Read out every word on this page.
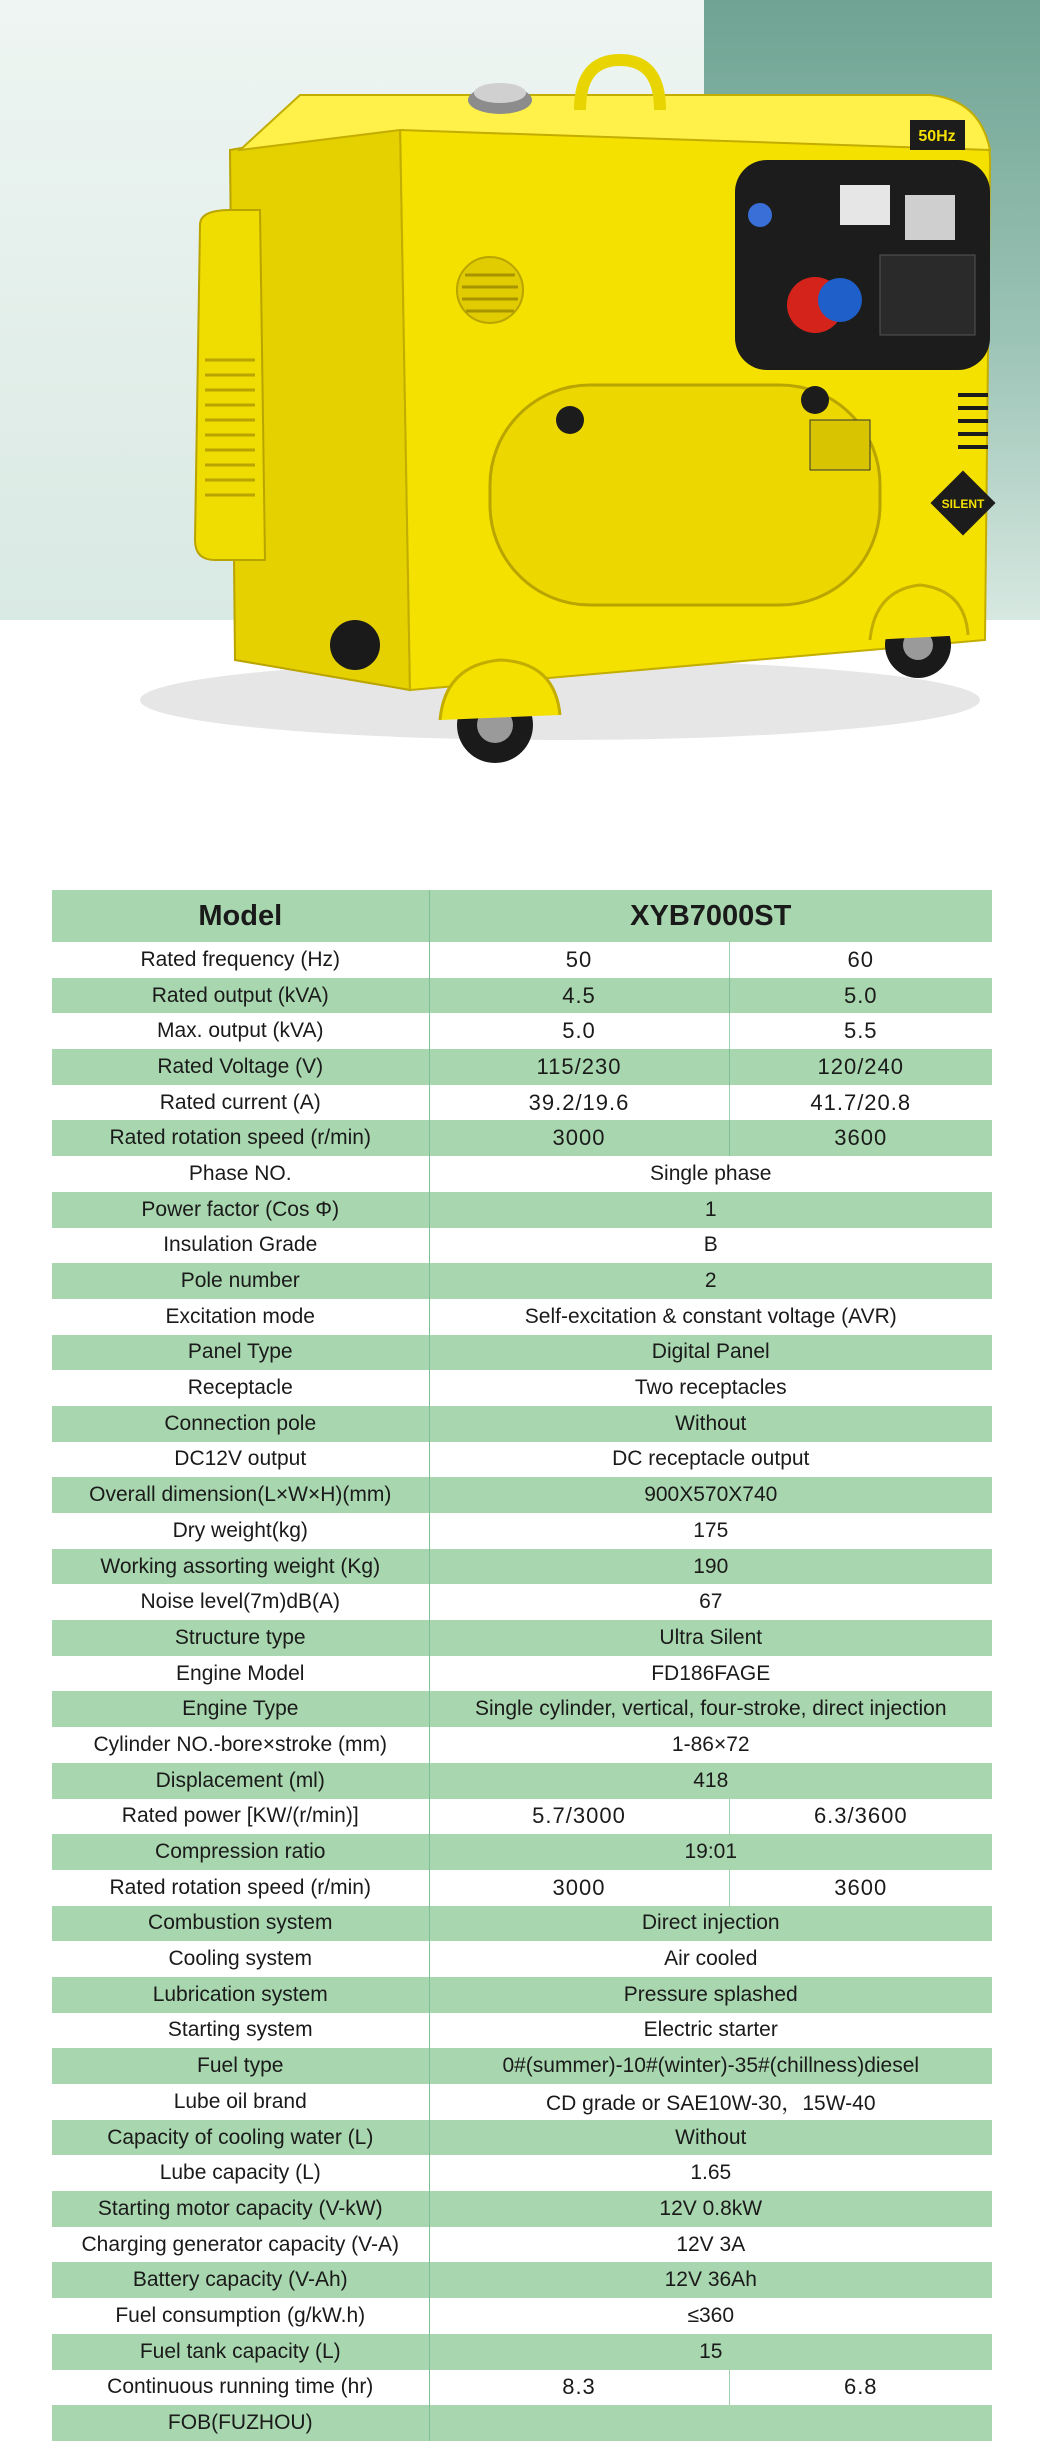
50Hz
SILENT
Model	XYB7000ST	
Rated frequency (Hz)	50	60
Rated output (kVA)	4.5	5.0
Max. output (kVA)	5.0	5.5
Rated Voltage (V)	115/230	120/240
Rated current (A)	39.2/19.6	41.7/20.8
Rated rotation speed (r/min)	3000	3600
Phase NO.	Single phase	
Power factor (Cos Φ)	1	
Insulation Grade	B	
Pole number	2	
Excitation mode	Self-excitation & constant voltage (AVR)	
Panel Type	Digital Panel	
Receptacle	Two receptacles	
Connection pole	Without	
DC12V output	DC receptacle output	
Overall dimension(L×W×H)(mm)	900X570X740	
Dry weight(kg)	175	
Working assorting weight (Kg)	190	
Noise level(7m)dB(A)	67	
Structure type	Ultra Silent	
Engine Model	FD186FAGE	
Engine Type	Single cylinder, vertical, four-stroke, direct injection	
Cylinder NO.-bore×stroke (mm)	1-86×72	
Displacement (ml)	418	
Rated power [KW/(r/min)]	5.7/3000	6.3/3600
Compression ratio	19:01	
Rated rotation speed (r/min)	3000	3600
Combustion system	Direct injection	
Cooling system	Air cooled	
Lubrication system	Pressure splashed	
Starting system	Electric starter	
Fuel type	0#(summer)-10#(winter)-35#(chillness)diesel	
Lube oil brand	CD grade or SAE10W-30，15W-40	
Capacity of cooling water (L)	Without	
Lube capacity (L)	1.65	
Starting motor capacity (V-kW)	12V 0.8kW	
Charging generator capacity (V-A)	12V 3A	
Battery capacity (V-Ah)	12V 36Ah	
Fuel consumption (g/kW.h)	≤360	
Fuel tank capacity (L)	15	
Continuous running time (hr)	8.3	6.8
FOB(FUZHOU)		
